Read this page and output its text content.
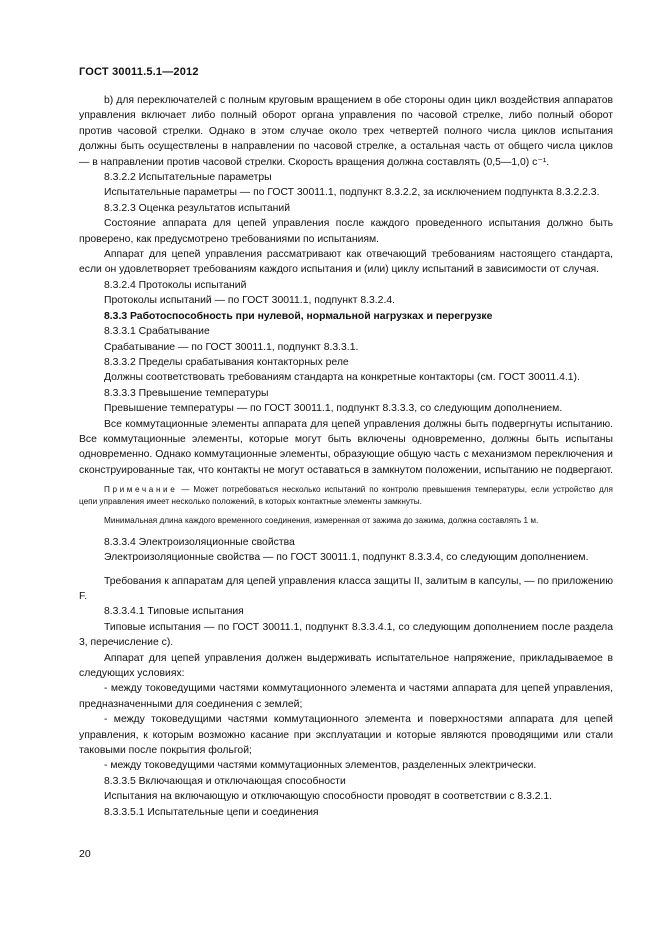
ГОСТ 30011.5.1—2012

b) для переключателей с полным круговым вращением в обе стороны один цикл воздействия аппаратов управления включает либо полный оборот органа управления по часовой стрелке, либо полный оборот против часовой стрелки. Однако в этом случае около трех четвертей полного числа циклов испытания должны быть осуществлены в направлении по часовой стрелке, а остальная часть от общего числа циклов — в направлении против часовой стрелки. Скорость вращения должна составлять (0,5—1,0) с⁻¹.

8.3.2.2 Испытательные параметры

Испытательные параметры — по ГОСТ 30011.1, подпункт 8.3.2.2, за исключением подпункта 8.3.2.2.3.

8.3.2.3 Оценка результатов испытаний

Состояние аппарата для цепей управления после каждого проведенного испытания должно быть проверено, как предусмотрено требованиями по испытаниям.

Аппарат для цепей управления рассматривают как отвечающий требованиям настоящего стандарта, если он удовлетворяет требованиям каждого испытания и (или) циклу испытаний в зависимости от случая.

8.3.2.4 Протоколы испытаний

Протоколы испытаний — по ГОСТ 30011.1, подпункт 8.3.2.4.

8.3.3 Работоспособность при нулевой, нормальной нагрузках и перегрузке

8.3.3.1 Срабатывание

Срабатывание — по ГОСТ 30011.1, подпункт 8.3.3.1.

8.3.3.2 Пределы срабатывания контакторных реле

Должны соответствовать требованиям стандарта на конкретные контакторы (см. ГОСТ 30011.4.1).

8.3.3.3 Превышение температуры

Превышение температуры — по ГОСТ 30011.1, подпункт 8.3.3.3, со следующим дополнением.

Все коммутационные элементы аппарата для цепей управления должны быть подвергнуты испытанию. Все коммутационные элементы, которые могут быть включены одновременно, должны быть испытаны одновременно. Однако коммутационные элементы, образующие общую часть с механизмом переключения и сконструированные так, что контакты не могут оставаться в замкнутом положении, испытанию не подвергают.

Примечание — Может потребоваться несколько испытаний по контролю превышения температуры, если устройство для цепи управления имеет несколько положений, в которых контактные элементы замкнуты.

Минимальная длина каждого временного соединения, измеренная от зажима до зажима, должна составлять 1 м.

8.3.3.4 Электроизоляционные свойства

Электроизоляционные свойства — по ГОСТ 30011.1, подпункт 8.3.3.4, со следующим дополнением.

Требования к аппаратам для цепей управления класса защиты II, залитым в капсулы, — по приложению F.

8.3.3.4.1 Типовые испытания

Типовые испытания — по ГОСТ 30011.1, подпункт 8.3.3.4.1, со следующим дополнением после раздела 3, перечисление с).

Аппарат для цепей управления должен выдерживать испытательное напряжение, прикладываемое в следующих условиях:

- между токоведущими частями коммутационного элемента и частями аппарата для цепей управления, предназначенными для соединения с землей;

- между токоведущими частями коммутационного элемента и поверхностями аппарата для цепей управления, к которым возможно касание при эксплуатации и которые являются проводящими или стали таковыми после покрытия фольгой;

- между токоведущими частями коммутационных элементов, разделенных электрически.

8.3.3.5 Включающая и отключающая способности

Испытания на включающую и отключающую способности проводят в соответствии с 8.3.2.1.

8.3.3.5.1 Испытательные цепи и соединения

20
